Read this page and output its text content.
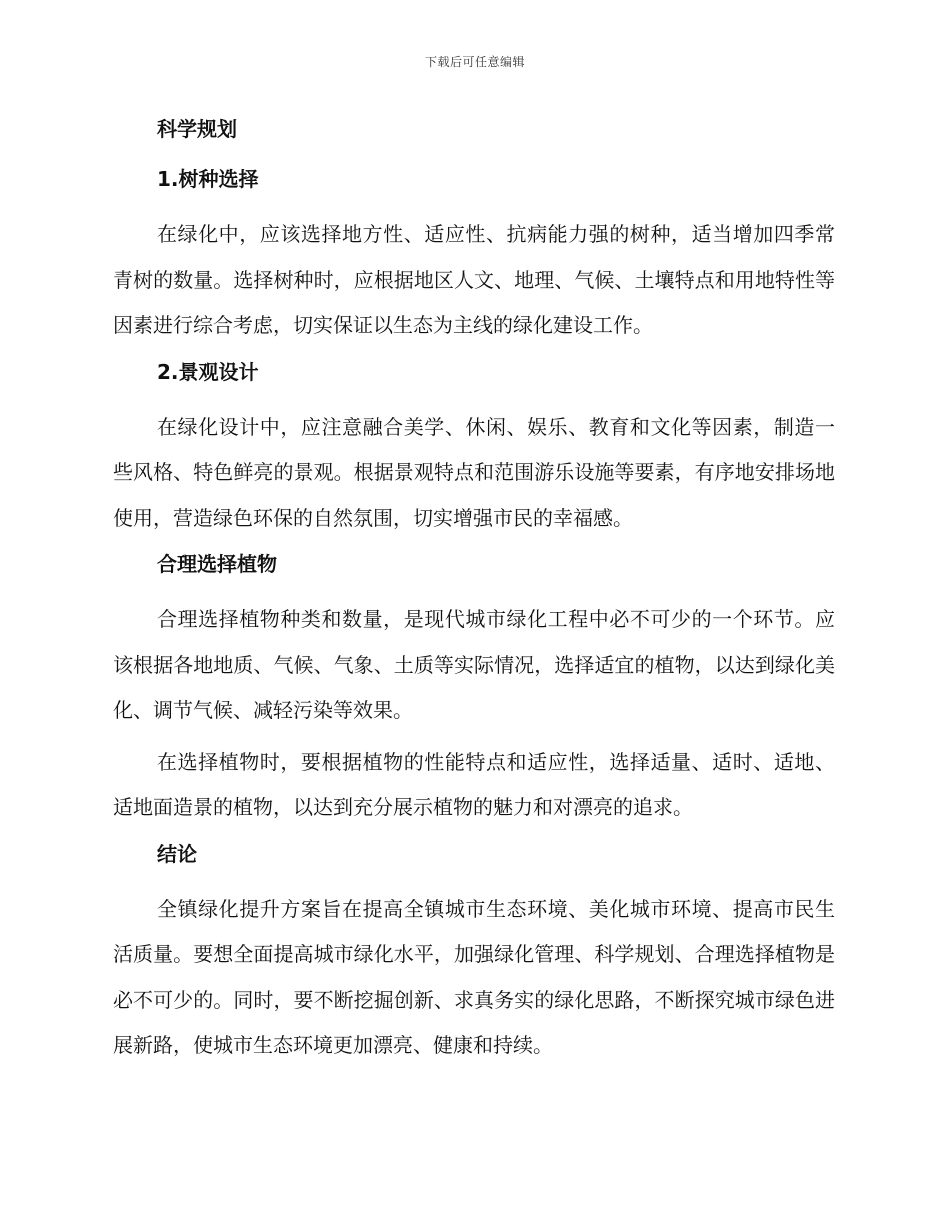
下载后可任意编辑
科学规划
1.树种选择
在绿化中，应该选择地方性、适应性、抗病能力强的树种，适当增加四季常青树的数量。选择树种时，应根据地区人文、地理、气候、土壤特点和用地特性等因素进行综合考虑，切实保证以生态为主线的绿化建设工作。
2.景观设计
在绿化设计中，应注意融合美学、休闲、娱乐、教育和文化等因素，制造一些风格、特色鲜亮的景观。根据景观特点和范围游乐设施等要素，有序地安排场地使用，营造绿色环保的自然氛围，切实增强市民的幸福感。
合理选择植物
合理选择植物种类和数量，是现代城市绿化工程中必不可少的一个环节。应该根据各地地质、气候、气象、土质等实际情况，选择适宜的植物，以达到绿化美化、调节气候、减轻污染等效果。
在选择植物时，要根据植物的性能特点和适应性，选择适量、适时、适地、适地面造景的植物，以达到充分展示植物的魅力和对漂亮的追求。
结论
全镇绿化提升方案旨在提高全镇城市生态环境、美化城市环境、提高市民生活质量。要想全面提高城市绿化水平，加强绿化管理、科学规划、合理选择植物是必不可少的。同时，要不断挖掘创新、求真务实的绿化思路，不断探究城市绿色进展新路，使城市生态环境更加漂亮、健康和持续。
